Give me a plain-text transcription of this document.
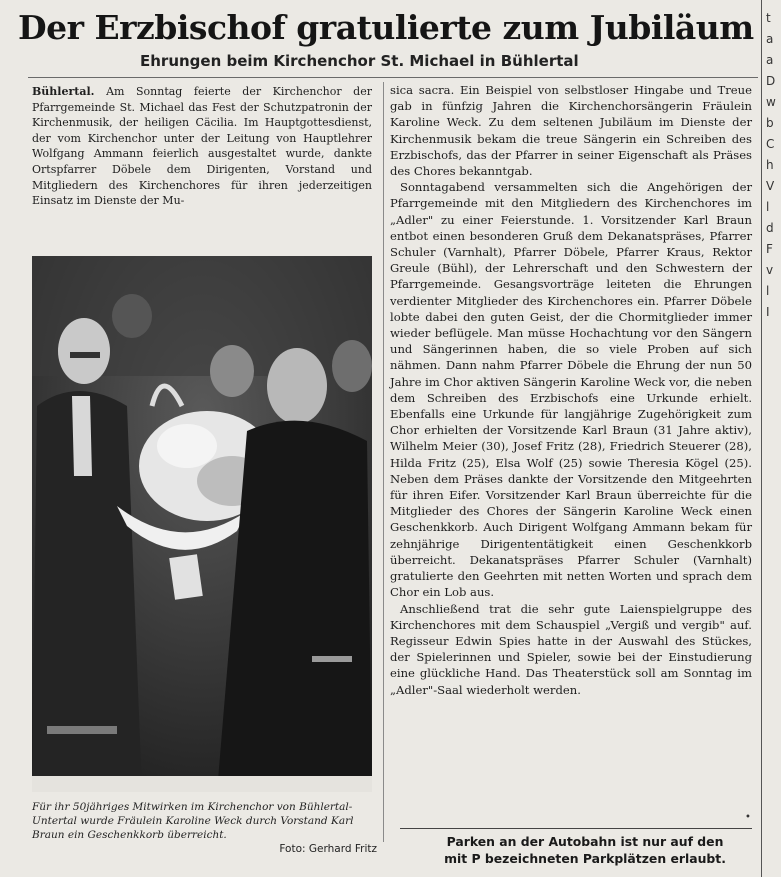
Der Erzbischof gratulierte zum Jubiläum
Ehrungen beim Kirchenchor St. Michael in Bühlertal

Bühlertal. Am Sonntag feierte der Kirchenchor der Pfarrgemeinde St. Michael das Fest der Schutzpatronin der Kirchenmusik, der heiligen Cäcilia. Im Hauptgottesdienst, der vom Kirchenchor unter der Leitung von Hauptlehrer Wolfgang Ammann feierlich ausgestaltet wurde, dankte Ortspfarrer Döbele dem Dirigenten, Vorstand und Mitgliedern des Kirchenchores für ihren jederzeitigen Einsatz im Dienste der Mu-

Für ihr 50jähriges Mitwirken im Kirchenchor von Bühlertal-Untertal wurde Fräulein Karoline Weck durch Vorstand Karl Braun ein Geschenkkorb überreicht.
Foto: Gerhard Fritz

sica sacra. Ein Beispiel von selbstloser Hingabe und Treue gab in fünfzig Jahren die Kirchenchorsängerin Fräulein Karoline Weck. Zu dem seltenen Jubiläum im Dienste der Kirchenmusik bekam die treue Sängerin ein Schreiben des Erzbischofs, das der Pfarrer in seiner Eigenschaft als Präses des Chores bekanntgab.

Sonntagabend versammelten sich die Angehörigen der Pfarrgemeinde mit den Mitgliedern des Kirchenchores im „Adler" zu einer Feierstunde. 1. Vorsitzender Karl Braun entbot einen besonderen Gruß dem Dekanatspräses, Pfarrer Schuler (Varnhalt), Pfarrer Döbele, Pfarrer Kraus, Rektor Greule (Bühl), der Lehrerschaft und den Schwestern der Pfarrgemeinde. Gesangsvorträge leiteten die Ehrungen verdienter Mitglieder des Kirchenchores ein. Pfarrer Döbele lobte dabei den guten Geist, der die Chormitglieder immer wieder beflügele. Man müsse Hochachtung vor den Sängern und Sängerinnen haben, die so viele Proben auf sich nähmen. Dann nahm Pfarrer Döbele die Ehrung der nun 50 Jahre im Chor aktiven Sängerin Karoline Weck vor, die neben dem Schreiben des Erzbischofs eine Urkunde erhielt. Ebenfalls eine Urkunde für langjährige Zugehörigkeit zum Chor erhielten der Vorsitzende Karl Braun (31 Jahre aktiv), Wilhelm Meier (30), Josef Fritz (28), Friedrich Steuerer (28), Hilda Fritz (25), Elsa Wolf (25) sowie Theresia Kögel (25). Neben dem Präses dankte der Vorsitzende den Mitgeehrten für ihren Eifer. Vorsitzender Karl Braun überreichte für die Mitglieder des Chores der Sängerin Karoline Weck einen Geschenkkorb. Auch Dirigent Wolfgang Ammann bekam für zehnjährige Dirigententätigkeit einen Geschenkkorb überreicht. Dekanatspräses Pfarrer Schuler (Varnhalt) gratulierte den Geehrten mit netten Worten und sprach dem Chor ein Lob aus.

Anschließend trat die sehr gute Laienspielgruppe des Kirchenchores mit dem Schauspiel „Vergiß und vergib" auf. Regisseur Edwin Spies hatte in der Auswahl des Stückes, der Spielerinnen und Spieler, sowie bei der Einstudierung eine glückliche Hand. Das Theaterstück soll am Sonntag im „Adler"-Saal wiederholt werden.

•
Parken an der Autobahn ist nur auf den
mit P bezeichneten Parkplätzen erlaubt.
t
a
a
D
w
b
C
h
V
l
d
F
v
l
I
